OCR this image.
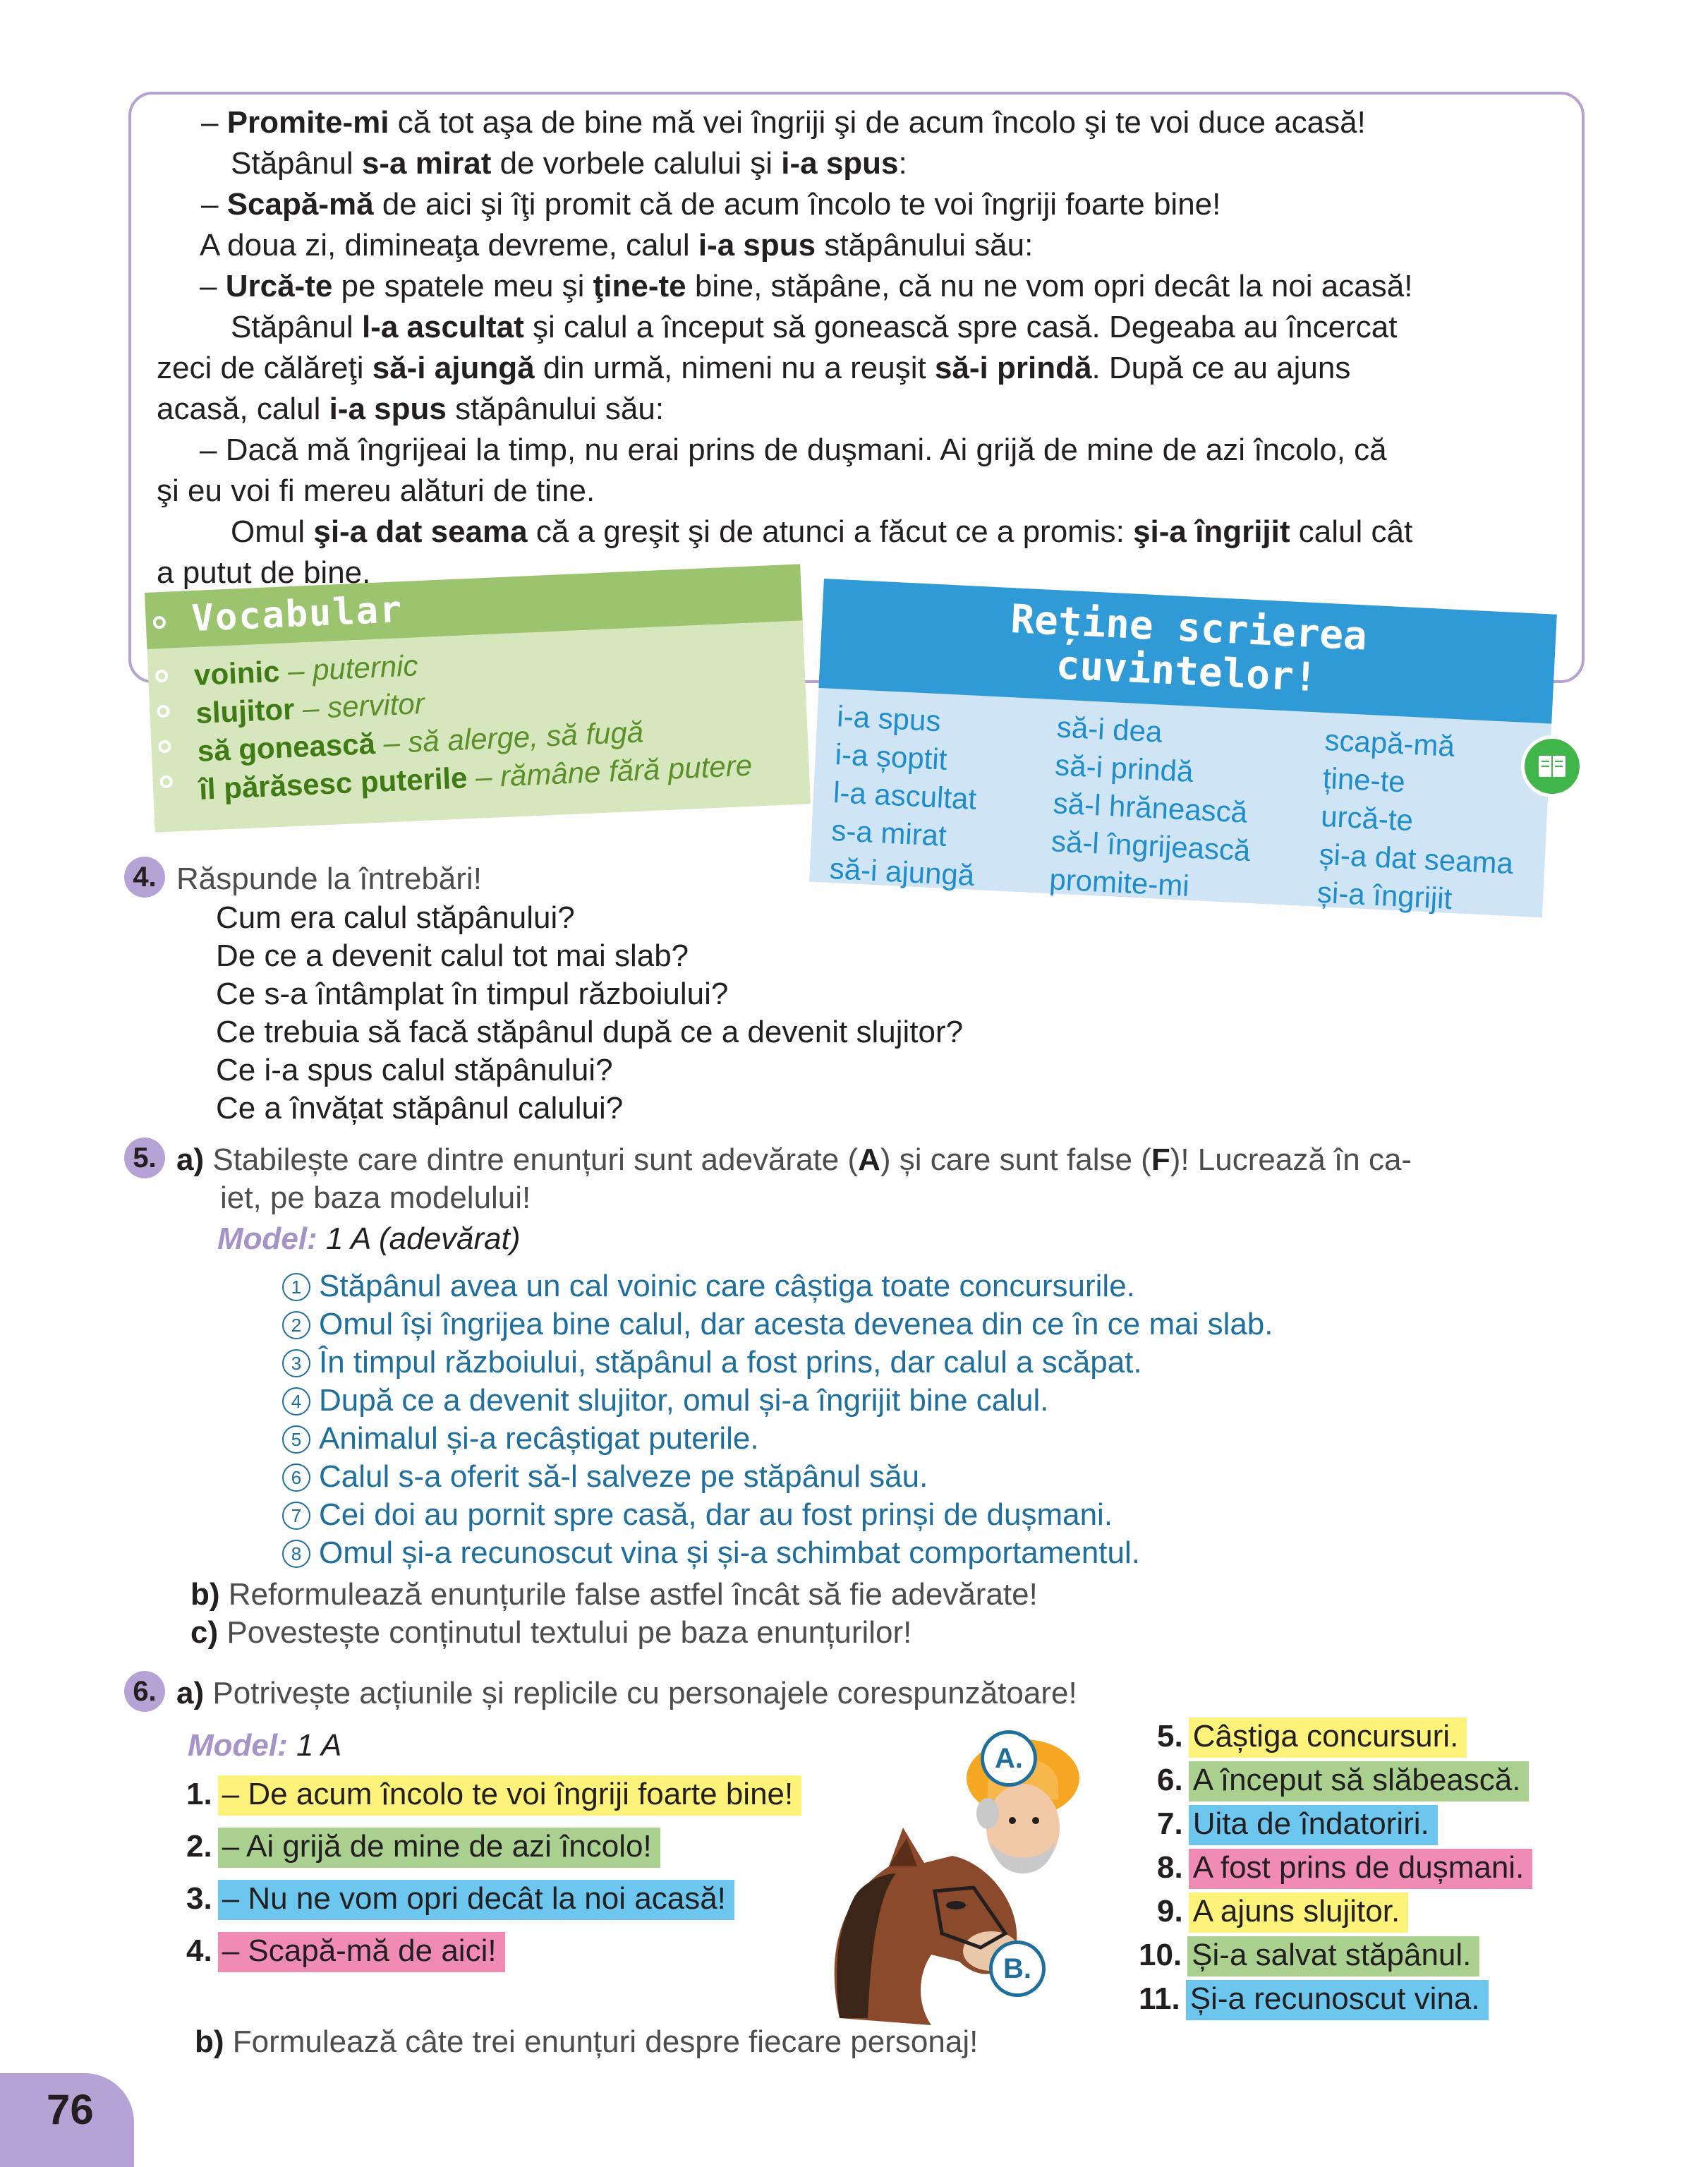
– Promite-mi că tot aşa de bine mă vei îngriji şi de acum încolo şi te voi duce acasă!
Stăpânul s-a mirat de vorbele calului şi i-a spus:
– Scapă-mă de aici şi îţi promit că de acum încolo te voi îngriji foarte bine!
A doua zi, dimineaţa devreme, calul i-a spus stăpânului său:
– Urcă-te pe spatele meu şi ţine-te bine, stăpâne, că nu ne vom opri decât la noi acasă!
Stăpânul l-a ascultat şi calul a început să gonească spre casă. Degeaba au încercat
zeci de călăreţi să-i ajungă din urmă, nimeni nu a reuşit să-i prindă. După ce au ajuns
acasă, calul i-a spus stăpânului său:
– Dacă mă îngrijeai la timp, nu erai prins de duşmani. Ai grijă de mine de azi încolo, că
şi eu voi fi mereu alături de tine.
Omul şi-a dat seama că a greşit şi de atunci a făcut ce a promis: şi-a îngrijit calul cât
a putut de bine.
Vocabular
voinic – puternic
slujitor – servitor
să gonească – să alerge, să fugă
îl părăsesc puterile – rămâne fără putere
Reține scrierea
cuvintelor!
i-a spus
i-a șoptit
l-a ascultat
s-a mirat
să-i ajungă
să-i dea
să-i prindă
să-l hrănească
să-l îngrijească
promite-mi
scapă-mă
ține-te
urcă-te
și-a dat seama
și-a îngrijit
4. Răspunde la întrebări!
Cum era calul stăpânului?
De ce a devenit calul tot mai slab?
Ce s-a întâmplat în timpul războiului?
Ce trebuia să facă stăpânul după ce a devenit slujitor?
Ce i-a spus calul stăpânului?
Ce a învățat stăpânul calului?
5. a) Stabilește care dintre enunțuri sunt adevărate (A) și care sunt false (F)! Lucrează în ca-
iet, pe baza modelului!
Model: 1 A (adevărat)
1 Stăpânul avea un cal voinic care câștiga toate concursurile.
2 Omul își îngrijea bine calul, dar acesta devenea din ce în ce mai slab.
3 În timpul războiului, stăpânul a fost prins, dar calul a scăpat.
4 După ce a devenit slujitor, omul și-a îngrijit bine calul.
5 Animalul și-a recâștigat puterile.
6 Calul s-a oferit să-l salveze pe stăpânul său.
7 Cei doi au pornit spre casă, dar au fost prinși de dușmani.
8 Omul și-a recunoscut vina și și-a schimbat comportamentul.
b) Reformulează enunțurile false astfel încât să fie adevărate!
c) Povestește conținutul textului pe baza enunțurilor!
6. a) Potrivește acțiunile și replicile cu personajele corespunzătoare!
Model: 1 A
1. – De acum încolo te voi îngriji foarte bine!
2. – Ai grijă de mine de azi încolo!
3. – Nu ne vom opri decât la noi acasă!
4. – Scapă-mă de aici!
A.
B.
5. Câștiga concursuri.
6. A început să slăbească.
7. Uita de îndatoriri.
8. A fost prins de dușmani.
9. A ajuns slujitor.
10. Și-a salvat stăpânul.
11. Și-a recunoscut vina.
b) Formulează câte trei enunțuri despre fiecare personaj!
76
